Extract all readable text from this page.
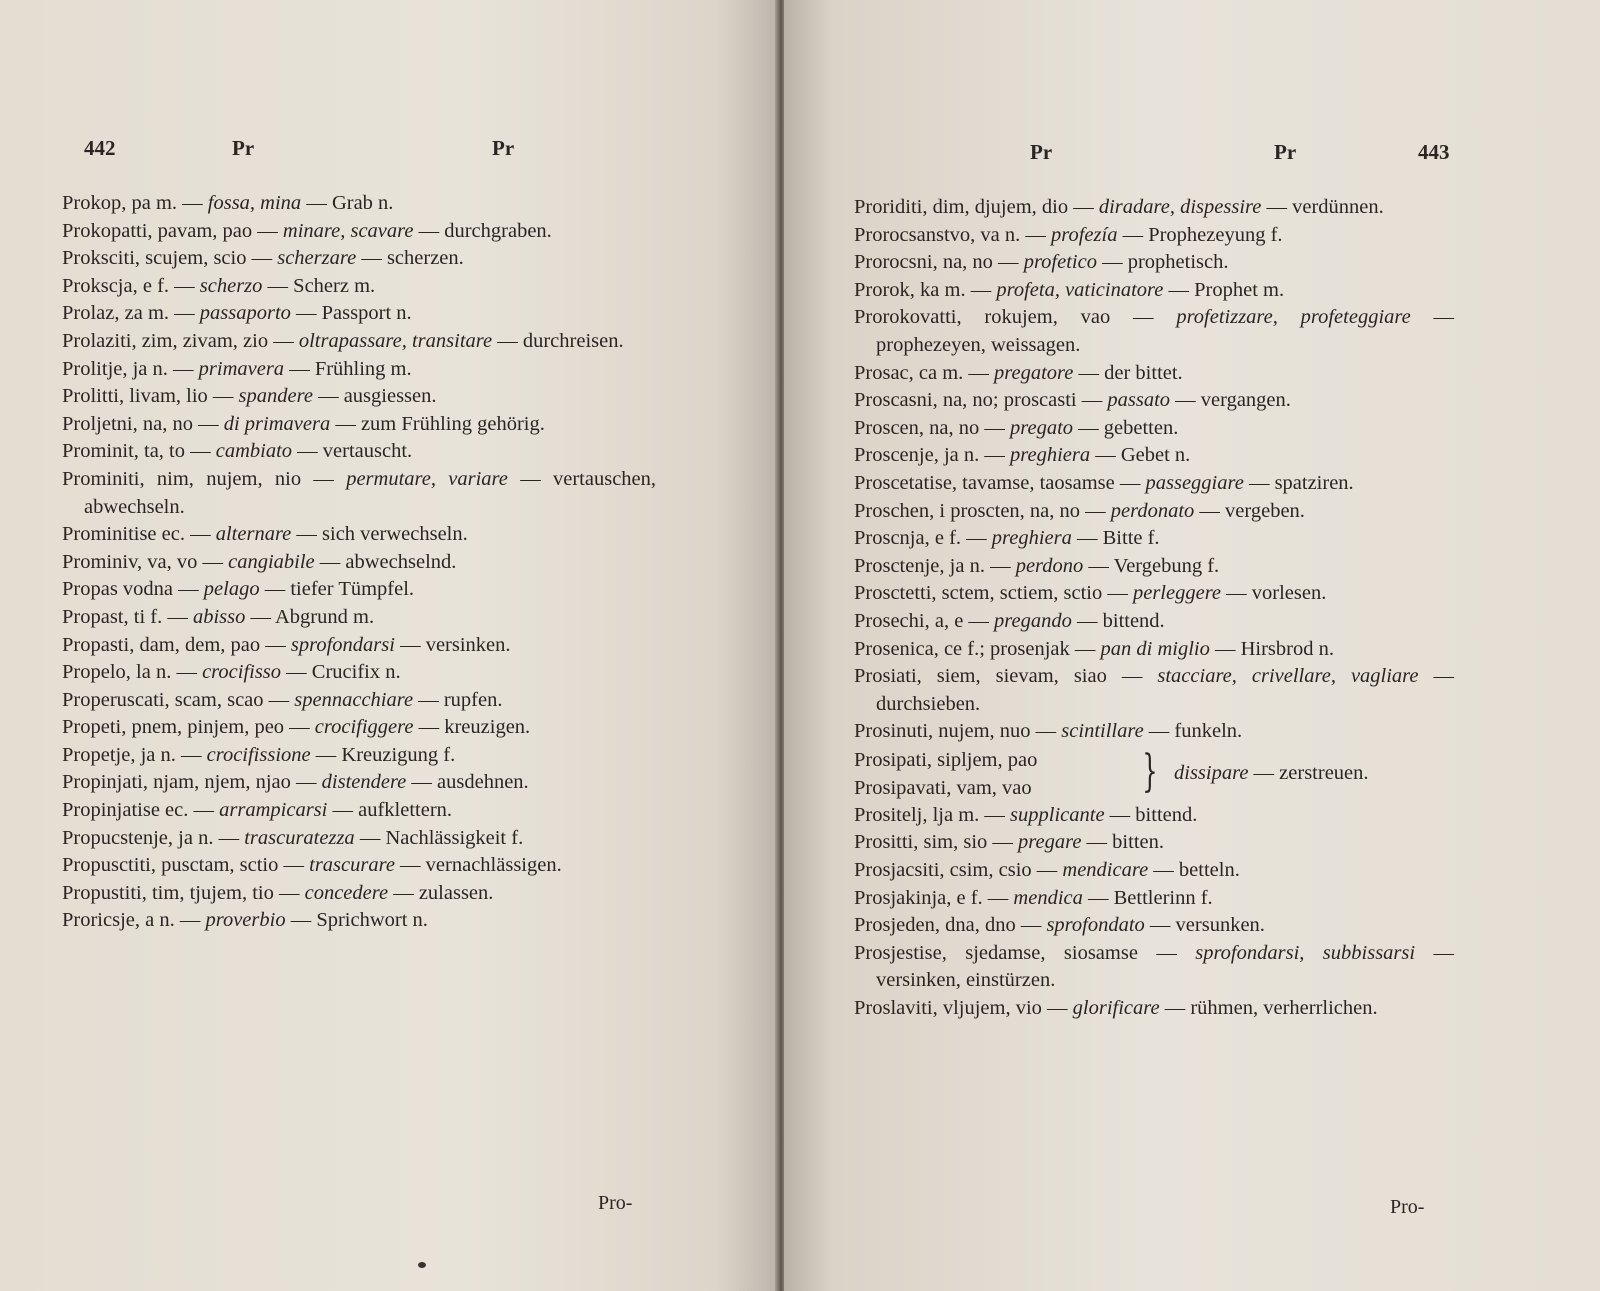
442	Pr	Pr
Prokop, pa m. — fossa, mina — Grab n.
Prokopatti, pavam, pao — minare, scavare — durchgraben.
Proksciti, scujem, scio — scherzare — scherzen.
Prokscja, e f. — scherzo — Scherz m.
Prolaz, za m. — passaporto — Passport n.
Prolaziti, zim, zivam, zio — oltrapassare, transitare — durchreisen.
Prolitje, ja n. — primavera — Frühling m.
Prolitti, livam, lio — spandere — ausgiessen.
Proljetni, na, no — di primavera — zum Frühling gehörig.
Prominit, ta, to — cambiato — vertauscht.
Prominiti, nim, nujem, nio — permutare, variare — vertauschen, abwechseln.
Prominitise ec. — alternare — sich verwechseln.
Prominiv, va, vo — cangiabile — abwechselnd.
Propas vodna — pelago — tiefer Tümpfel.
Propast, ti f. — abisso — Abgrund m.
Propasti, dam, dem, pao — sprofondarsi — versinken.
Propelo, la n. — crocifisso — Crucifix n.
Properuscati, scam, scao — spennacchiare — rupfen.
Propeti, pnem, pinjem, peo — crocifiggere — kreuzigen.
Propetje, ja n. — crocifissione — Kreuzigung f.
Propinjati, njam, njem, njao — distendere — ausdehnen.
Propinjatise ec. — arrampicarsi — aufklettern.
Propucstenje, ja n. — trascuratezza — Nachlässigkeit f.
Propusctiti, pusctam, sctio — trascurare — vernachlässigen.
Propustiti, tim, tjujem, tio — concedere — zulassen.
Proricsje, a n. — proverbio — Sprichwort n.
Pro-
Pr	Pr	443
Proriditi, dim, djujem, dio — diradare, dispessire — verdünnen.
Prorocsanstvo, va n. — profezía — Prophezeyung f.
Prorocsni, na, no — profetico — prophetisch.
Prorok, ka m. — profeta, vaticinatore — Prophet m.
Prorokovatti, rokujem, vao — profetizzare, profeteggiare — prophezeyen, weissagen.
Prosac, ca m. — pregatore — der bittet.
Proscasni, na, no; proscasti — passato — vergangen.
Proscen, na, no — pregato — gebetten.
Proscenje, ja n. — preghiera — Gebet n.
Proscetatise, tavamse, taosamse — passeggiare — spatziren.
Proschen, i proscten, na, no — perdonato — vergeben.
Proscnja, e f. — preghiera — Bitte f.
Prosctenje, ja n. — perdono — Vergebung f.
Prosctetti, sctem, sctiem, sctio — perleggere — vorlesen.
Prosechi, a, e — pregando — bittend.
Prosenica, ce f.; prosenjak — pan di miglio — Hirsbrod n.
Prosiati, siem, sievam, siao — stacciare, crivellare, vagliare — durchsieben.
Prosinuti, nujem, nuo — scintillare — funkeln.
Prosipati, sipljem, pao
Prosipavati, vam, vao	} dissipare — zerstreuen.
Prositelj, lja m. — supplicante — bittend.
Prositti, sim, sio — pregare — bitten.
Prosjacsiti, csim, csio — mendicare — betteln.
Prosjakinja, e f. — mendica — Bettlerinn f.
Prosjeden, dna, dno — sprofondato — versunken.
Prosjestise, sjedamse, siosamse — sprofondarsi, subbissarsi — versinken, einstürzen.
Proslaviti, vljujem, vio — glorificare — rühmen, verherrlichen.
Pro-
